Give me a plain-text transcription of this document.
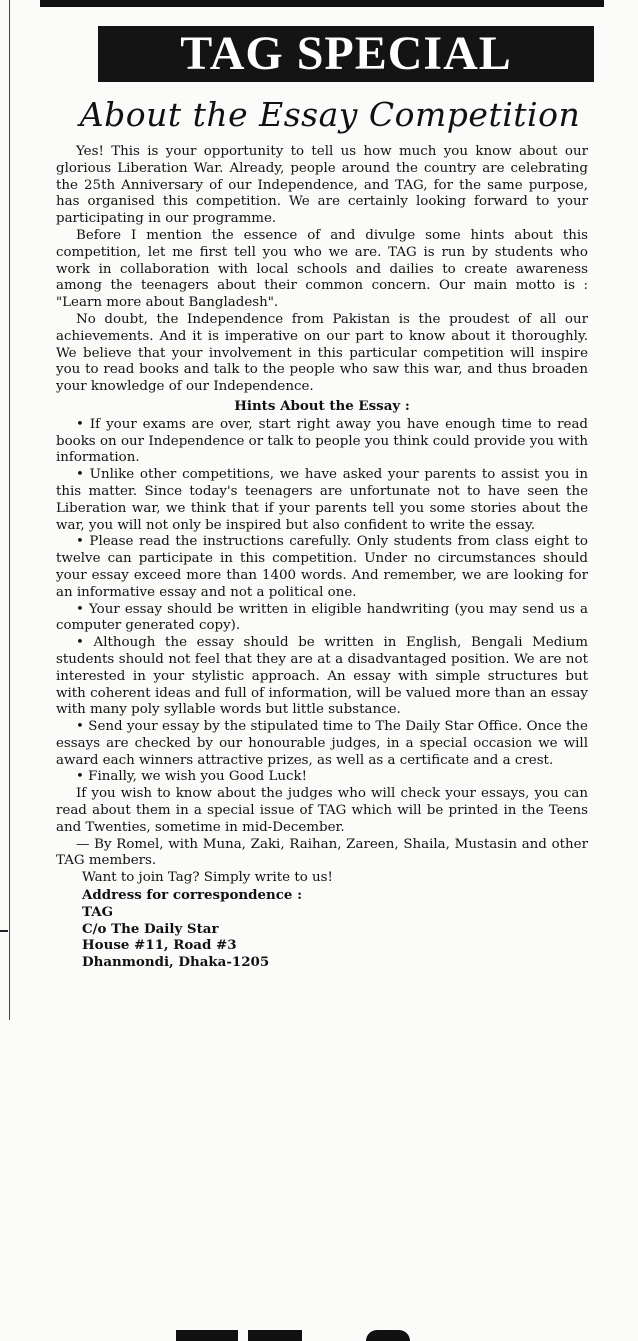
TAG SPECIAL
About the Essay Competition

Yes! This is your opportunity to tell us how much you know about our glorious Liberation War. Already, people around the country are celebrating the 25th Anniversary of our Independence, and TAG, for the same purpose, has organised this competition. We are certainly looking forward to your participating in our programme.

Before I mention the essence of and divulge some hints about this competition, let me first tell you who we are. TAG is run by students who work in collaboration with local schools and dailies to create awareness among the teenagers about their common concern. Our main motto is : "Learn more about Bangladesh".

No doubt, the Independence from Pakistan is the proudest of all our achievements. And it is imperative on our part to know about it thoroughly. We believe that your involvement in this particular competition will inspire you to read books and talk to the people who saw this war, and thus broaden your knowledge of our Independence.

Hints About the Essay :

• If your exams are over, start right away you have enough time to read books on our Independence or talk to people you think could provide you with information.

• Unlike other competitions, we have asked your parents to assist you in this matter. Since today's teenagers are unfortunate not to have seen the Liberation war, we think that if your parents tell you some stories about the war, you will not only be inspired but also confident to write the essay.

• Please read the instructions carefully. Only students from class eight to twelve can participate in this competition. Under no circumstances should your essay exceed more than 1400 words. And remember, we are looking for an informative essay and not a political one.

• Your essay should be written in eligible handwriting (you may send us a computer generated copy).

• Although the essay should be written in English, Bengali Medium students should not feel that they are at a disadvantaged position. We are not interested in your stylistic approach. An essay with simple structures but with coherent ideas and full of information, will be valued more than an essay with many poly syllable words but little substance.

• Send your essay by the stipulated time to The Daily Star Office. Once the essays are checked by our honourable judges, in a special occasion we will award each winners attractive prizes, as well as a certificate and a crest.

• Finally, we wish you Good Luck!

If you wish to know about the judges who will check your essays, you can read about them in a special issue of TAG which will be printed in the Teens and Twenties, sometime in mid-December.

— By Romel, with Muna, Zaki, Raihan, Zareen, Shaila, Mustasin and other TAG members.

Want to join Tag? Simply write to us!
Address for correspondence :
TAG
C/o The Daily Star
House #11, Road #3
Dhanmondi, Dhaka-1205
